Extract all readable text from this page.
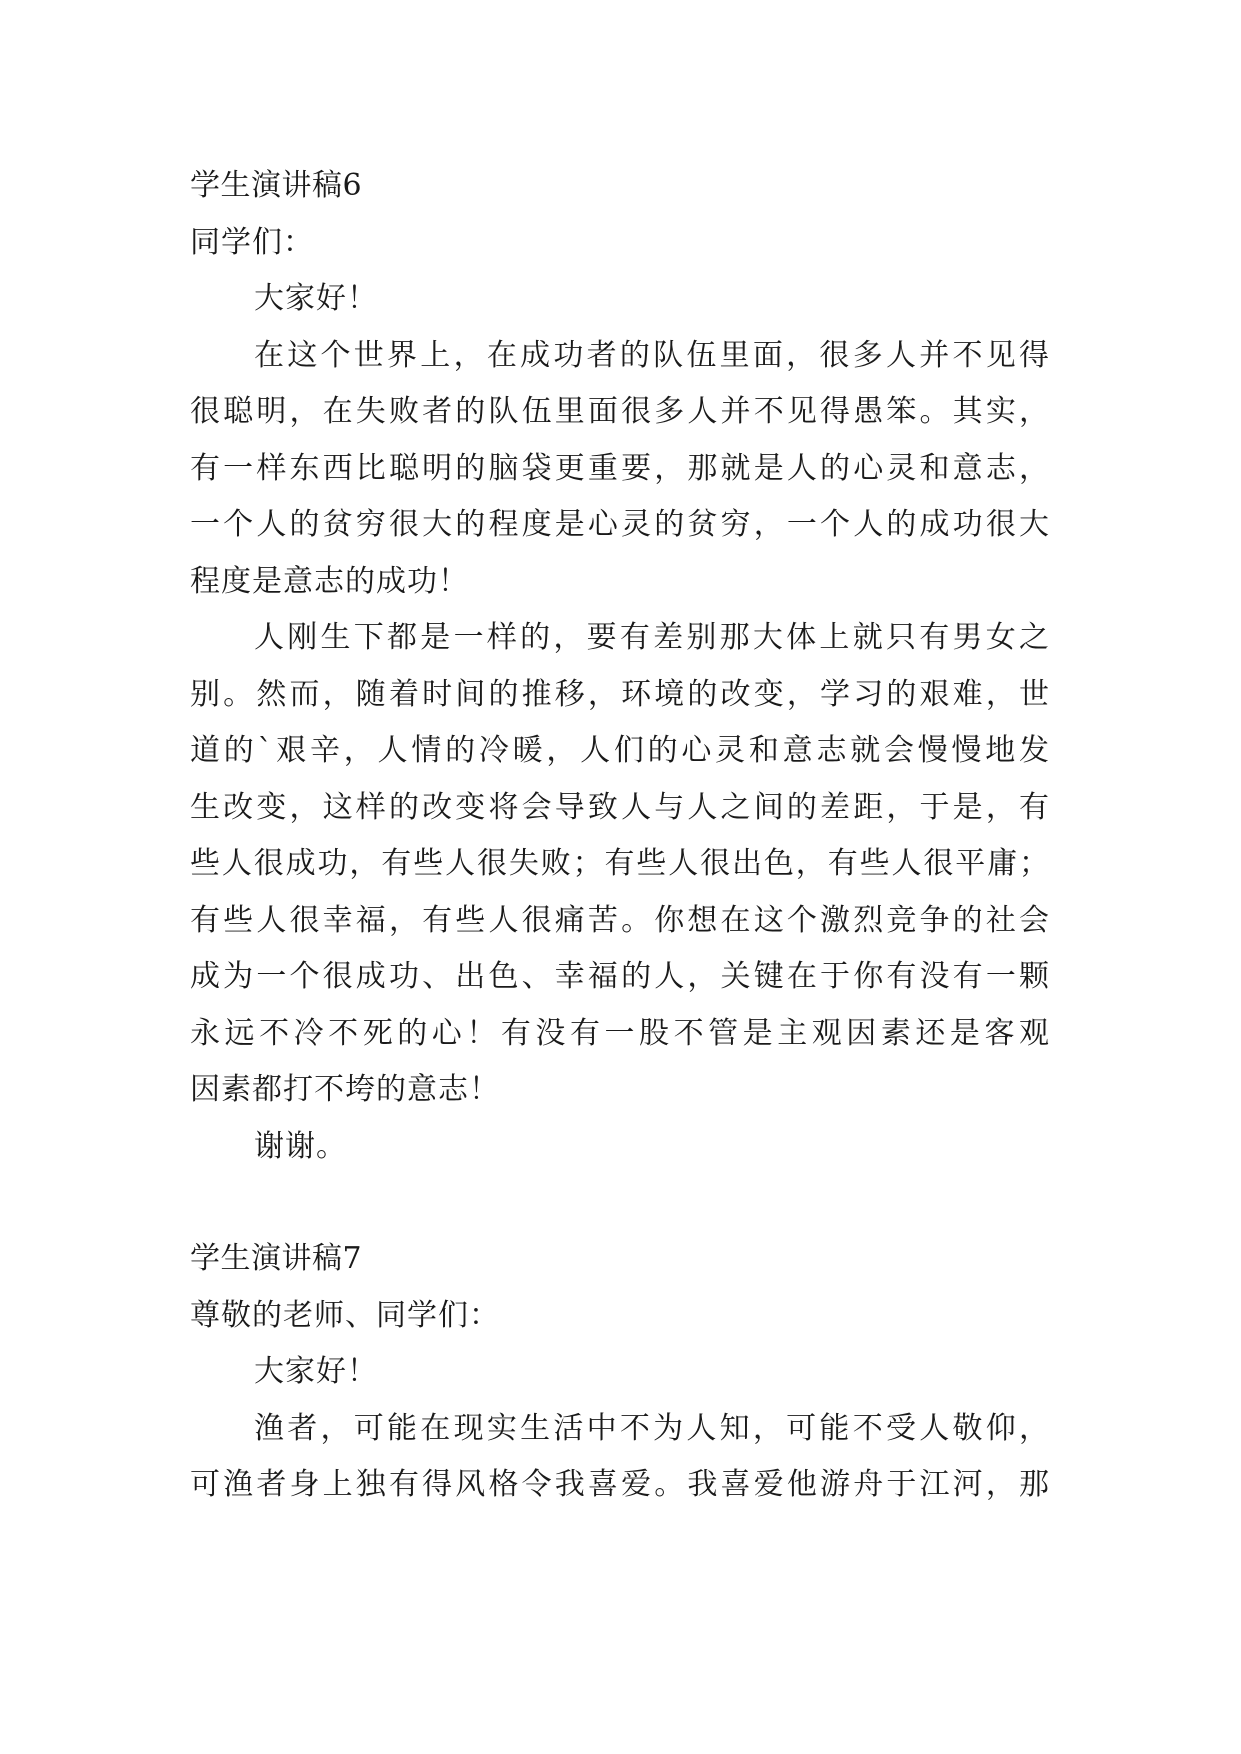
学生演讲稿6
同学们：
大家好！
在这个世界上，在成功者的队伍里面，很多人并不见得
很聪明，在失败者的队伍里面很多人并不见得愚笨。其实，
有一样东西比聪明的脑袋更重要，那就是人的心灵和意志，
一个人的贫穷很大的程度是心灵的贫穷，一个人的成功很大
程度是意志的成功！
人刚生下都是一样的，要有差别那大体上就只有男女之
别。然而，随着时间的推移，环境的改变，学习的艰难，世
道的`艰辛，人情的冷暖，人们的心灵和意志就会慢慢地发
生改变，这样的改变将会导致人与人之间的差距，于是，有
些人很成功，有些人很失败；有些人很出色，有些人很平庸；
有些人很幸福，有些人很痛苦。你想在这个激烈竞争的社会
成为一个很成功、出色、幸福的人，关键在于你有没有一颗
永远不冷不死的心！有没有一股不管是主观因素还是客观
因素都打不垮的意志！
谢谢。
学生演讲稿7
尊敬的老师、同学们：
大家好！
渔者，可能在现实生活中不为人知，可能不受人敬仰，
可渔者身上独有得风格令我喜爱。我喜爱他游舟于江河，那
